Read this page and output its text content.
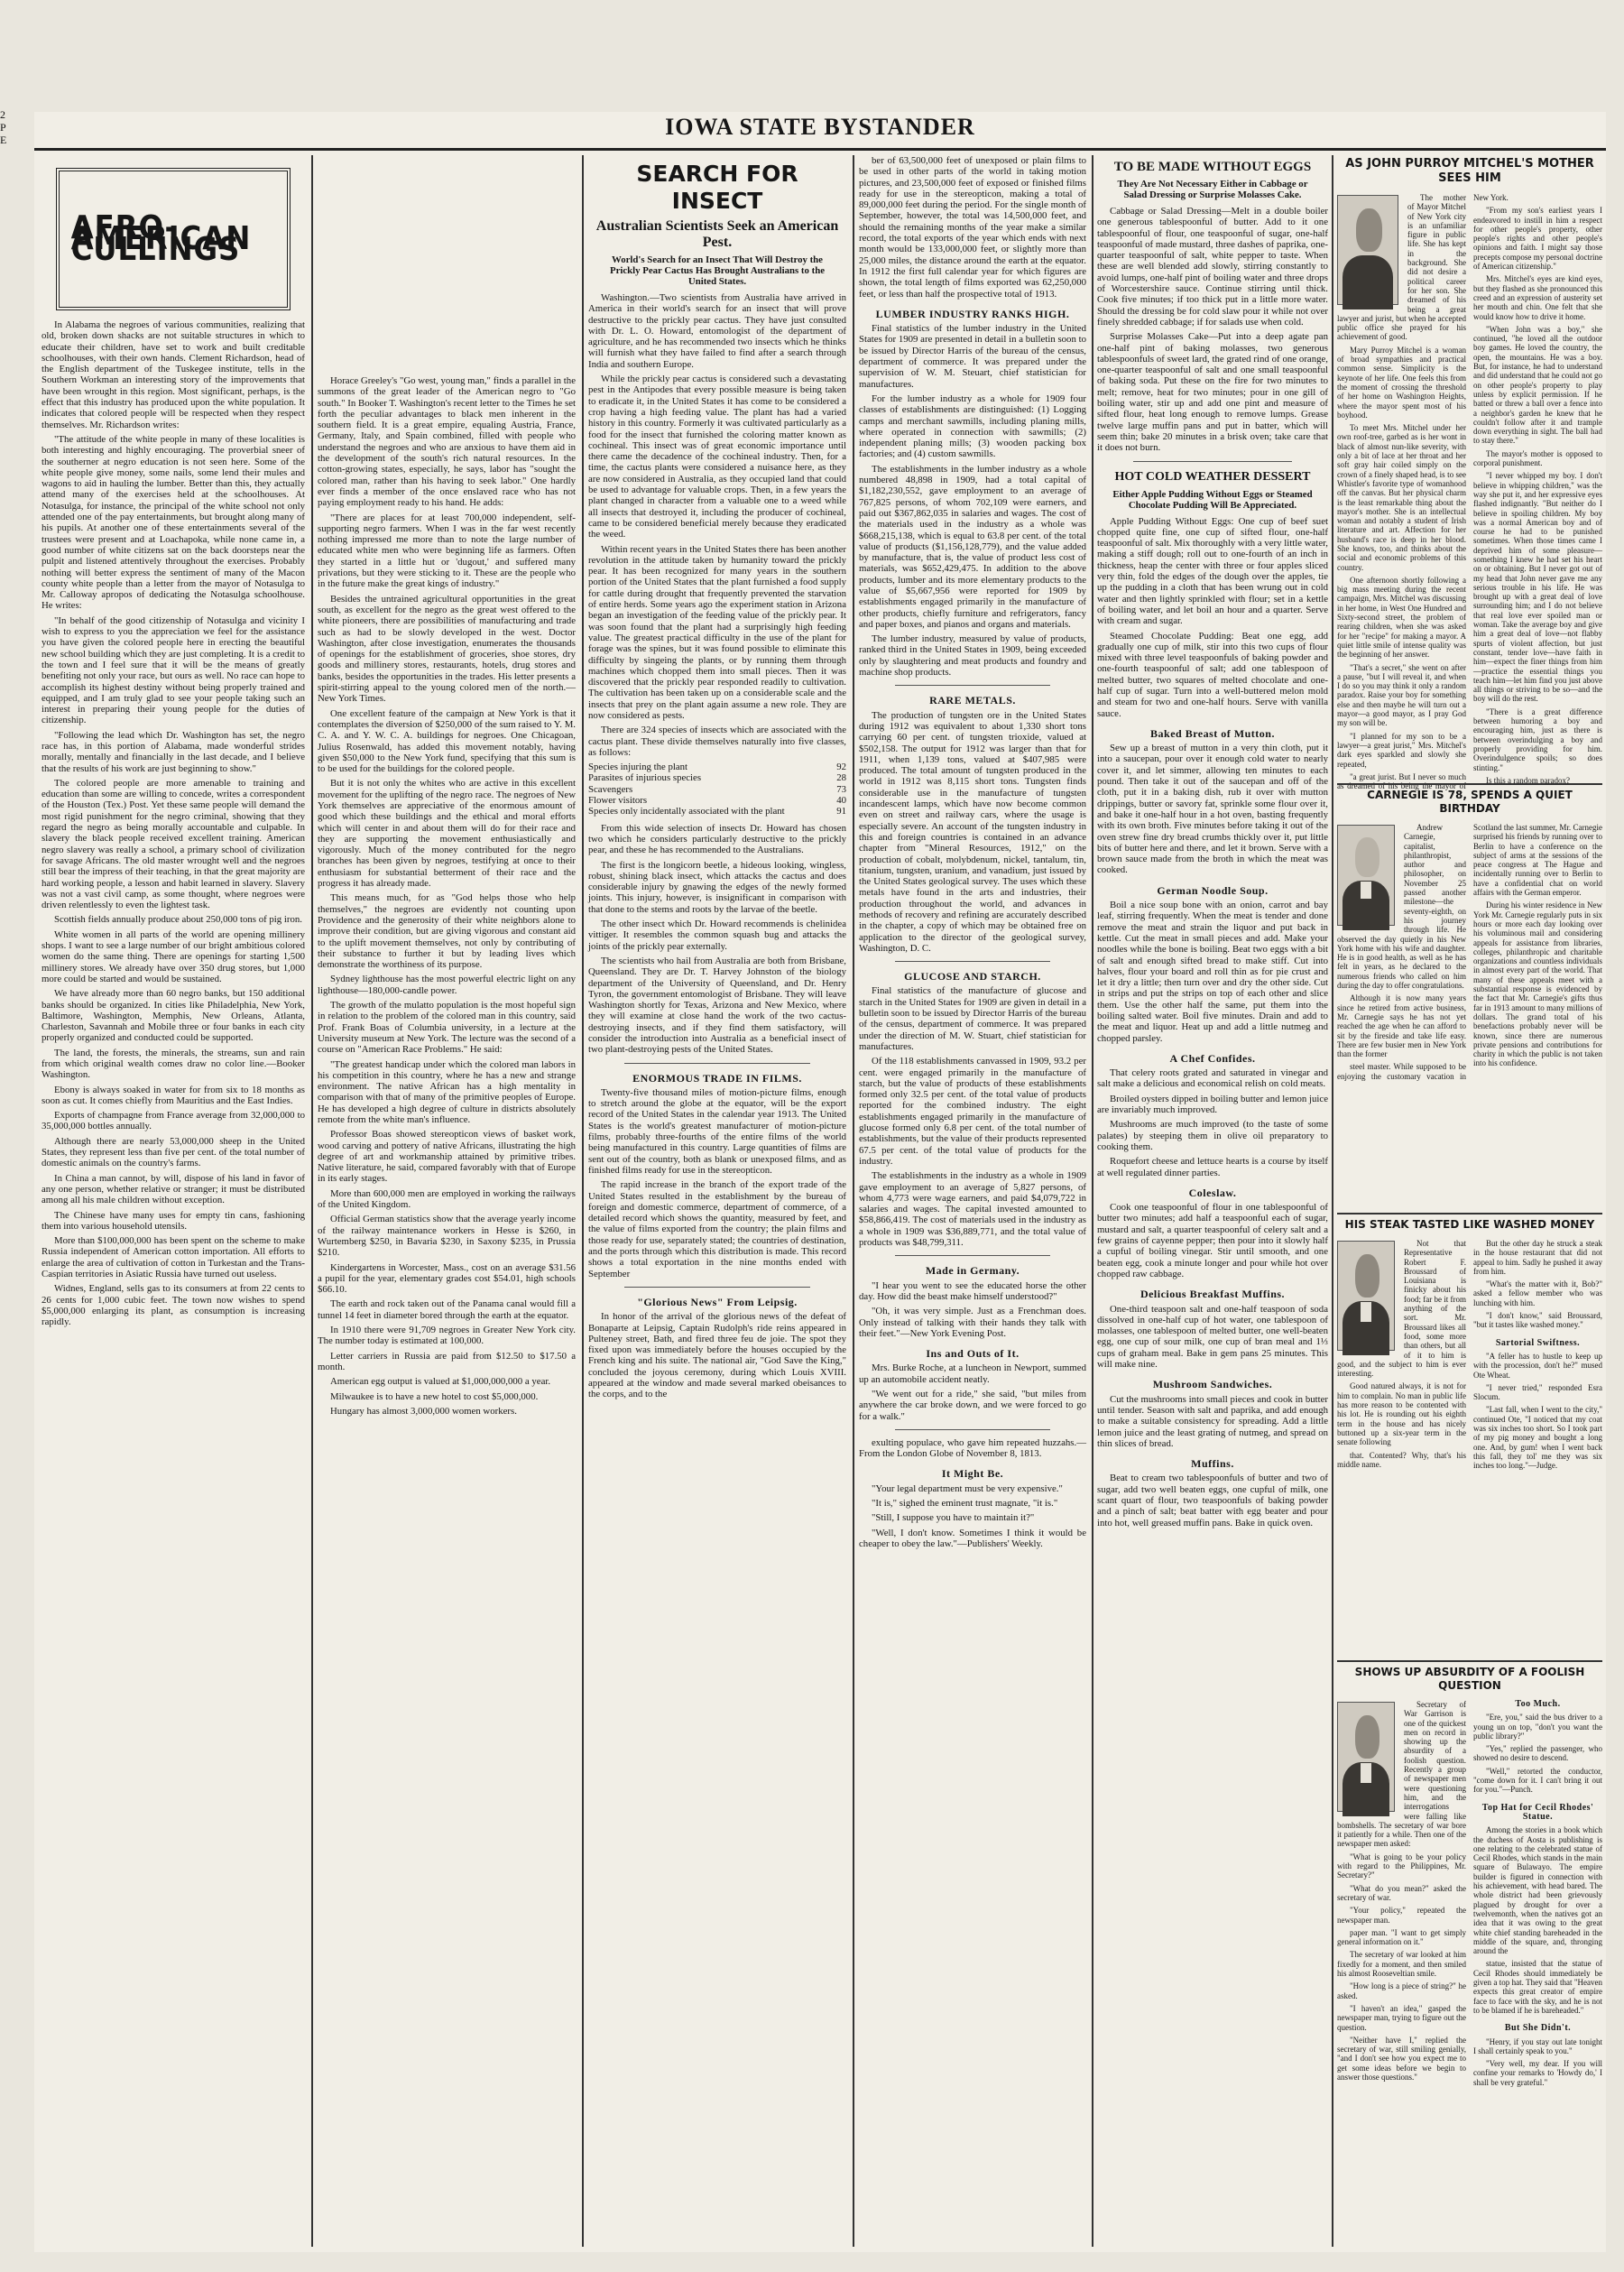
2
P
E	IOWA STATE BYSTANDER
AFRO-AMERICAN CULLINGS

In Alabama the negroes of various communities, realizing that old, broken down shacks are not suitable structures in which to educate their children, have set to work and built creditable schoolhouses, with their own hands. Clement Richardson, head of the English department of the Tuskegee institute, tells in the Southern Workman an interesting story of the improvements that have been wrought in this region. Most significant, perhaps, is the effect that this industry has produced upon the white population. It indicates that colored people will be respected when they respect themselves. Mr. Richardson writes:

"The attitude of the white people in many of these localities is both interesting and highly encouraging. The proverbial sneer of the southerner at negro education is not seen here. Some of the white people give money, some nails, some lend their mules and wagons to aid in hauling the lumber. Better than this, they actually attend many of the exercises held at the schoolhouses. At Notasulga, for instance, the principal of the white school not only attended one of the pay entertainments, but brought along many of his pupils. At another one of these entertainments several of the trustees were present and at Loachapoka, while none came in, a good number of white citizens sat on the back doorsteps near the pulpit and listened attentively throughout the exercises. Probably nothing will better express the sentiment of many of the Macon county white people than a letter from the mayor of Notasulga to Mr. Calloway apropos of dedicating the Notasulga schoolhouse. He writes:

"In behalf of the good citizenship of Notasulga and vicinity I wish to express to you the appreciation we feel for the assistance you have given the colored people here in erecting the beautiful new school building which they are just completing. It is a credit to the town and I feel sure that it will be the means of greatly benefiting not only your race, but ours as well. No race can hope to accomplish its highest destiny without being properly trained and equipped, and I am truly glad to see your people taking such an interest in preparing their young people for the duties of citizenship.

"Following the lead which Dr. Washington has set, the negro race has, in this portion of Alabama, made wonderful strides morally, mentally and financially in the last decade, and I believe that the results of his work are just beginning to show."

The colored people are more amenable to training and education than some are willing to concede, writes a correspondent of the Houston (Tex.) Post. Yet these same people will demand the most rigid punishment for the negro criminal, showing that they regard the negro as being morally accountable and culpable. In slavery the black people received excellent training. American negro slavery was really a school, a primary school of civilization for savage Africans. The old master wrought well and the negroes still bear the impress of their teaching, in that the great majority are hard working people, a lesson and habit learned in slavery. Slavery was not a vast civil camp, as some thought, where negroes were driven relentlessly to even the lightest task.

Scottish fields annually produce about 250,000 tons of pig iron.

White women in all parts of the world are opening millinery shops. I want to see a large number of our bright ambitious colored women do the same thing. There are openings for starting 1,500 millinery stores. We already have over 350 drug stores, but 1,000 more could be started and would be sustained.

We have already more than 60 negro banks, but 150 additional banks should be organized. In cities like Philadelphia, New York, Baltimore, Washington, Memphis, New Orleans, Atlanta, Charleston, Savannah and Mobile three or four banks in each city properly organized and conducted could be supported.

The land, the forests, the minerals, the streams, sun and rain from which original wealth comes draw no color line.—Booker Washington.

Ebony is always soaked in water for from six to 18 months as soon as cut. It comes chiefly from Mauritius and the East Indies.

Exports of champagne from France average from 32,000,000 to 35,000,000 bottles annually.

Although there are nearly 53,000,000 sheep in the United States, they represent less than five per cent. of the total number of domestic animals on the country's farms.

In China a man cannot, by will, dispose of his land in favor of any one person, whether relative or stranger; it must be distributed among all his male children without exception.

The Chinese have many uses for empty tin cans, fashioning them into various household utensils.

More than $100,000,000 has been spent on the scheme to make Russia independent of American cotton importation. All efforts to enlarge the area of cultivation of cotton in Turkestan and the Trans-Caspian territories in Asiatic Russia have turned out useless.

Widnes, England, sells gas to its consumers at from 22 cents to 26 cents for 1,000 cubic feet. The town now wishes to spend $5,000,000 enlarging its plant, as consumption is increasing rapidly.

Horace Greeley's "Go west, young man," finds a parallel in the summons of the great leader of the American negro to "Go south." In Booker T. Washington's recent letter to the Times he set forth the peculiar advantages to black men inherent in the southern field. It is a great empire, equaling Austria, France, Germany, Italy, and Spain combined, filled with people who understand the negroes and who are anxious to have them aid in the development of the south's rich natural resources. In the cotton-growing states, especially, he says, labor has "sought the colored man, rather than his having to seek labor." One hardly ever finds a member of the once enslaved race who has not paying employment ready to his hand. He adds:

"There are places for at least 700,000 independent, self-supporting negro farmers. When I was in the far west recently nothing impressed me more than to note the large number of educated white men who were beginning life as farmers. Often they started in a little hut or 'dugout,' and suffered many privations, but they were sticking to it. These are the people who in the future make the great kings of industry."

Besides the untrained agricultural opportunities in the great south, as excellent for the negro as the great west offered to the white pioneers, there are possibilities of manufacturing and trade such as had to be slowly developed in the west. Doctor Washington, after close investigation, enumerates the thousands of openings for the establishment of groceries, shoe stores, dry goods and millinery stores, restaurants, hotels, drug stores and banks, besides the opportunities in the trades. His letter presents a spirit-stirring appeal to the young colored men of the north.—New York Times.

One excellent feature of the campaign at New York is that it contemplates the diversion of $250,000 of the sum raised to Y. M. C. A. and Y. W. C. A. buildings for negroes. One Chicagoan, Julius Rosenwald, has added this movement notably, having given $50,000 to the New York fund, specifying that this sum is to be used for the buildings for the colored people.

But it is not only the whites who are active in this excellent movement for the uplifting of the negro race. The negroes of New York themselves are appreciative of the enormous amount of good which these buildings and the ethical and moral efforts which will center in and about them will do for their race and they are supporting the movement enthusiastically and vigorously. Much of the money contributed for the negro branches has been given by negroes, testifying at once to their enthusiasm for substantial betterment of their race and the progress it has already made.

This means much, for as "God helps those who help themselves," the negroes are evidently not counting upon Providence and the generosity of their white neighbors alone to improve their condition, but are giving vigorous and constant aid to the uplift movement themselves, not only by contributing of their substance to further it but by leading lives which demonstrate the worthiness of its purpose.

Sydney lighthouse has the most powerful electric light on any lighthouse—180,000-candle power.

The growth of the mulatto population is the most hopeful sign in relation to the problem of the colored man in this country, said Prof. Frank Boas of Columbia university, in a lecture at the University museum at New York. The lecture was the second of a course on "American Race Problems." He said:

"The greatest handicap under which the colored man labors in his competition in this country, where he has a new and strange environment. The native African has a high mentality in comparison with that of many of the primitive peoples of Europe. He has developed a high degree of culture in districts absolutely remote from the white man's influence.

Professor Boas showed stereopticon views of basket work, wood carving and pottery of native Africans, illustrating the high degree of art and workmanship attained by primitive tribes. Native literature, he said, compared favorably with that of Europe in its early stages.

More than 600,000 men are employed in working the railways of the United Kingdom.

Official German statistics show that the average yearly income of the railway maintenance workers in Hesse is $260, in Wurtemberg $250, in Bavaria $230, in Saxony $235, in Prussia $210.

Kindergartens in Worcester, Mass., cost on an average $31.56 a pupil for the year, elementary grades cost $54.01, high schools $66.10.

The earth and rock taken out of the Panama canal would fill a tunnel 14 feet in diameter bored through the earth at the equator.

In 1910 there were 91,709 negroes in Greater New York city. The number today is estimated at 100,000.

Letter carriers in Russia are paid from $12.50 to $17.50 a month.

American egg output is valued at $1,000,000,000 a year.

Milwaukee is to have a new hotel to cost $5,000,000.

Hungary has almost 3,000,000 women workers.

SEARCH FOR INSECT
Australian Scientists Seek an American Pest.
World's Search for an Insect That Will Destroy the Prickly Pear Cactus Has Brought Australians to the United States.

Washington.—Two scientists from Australia have arrived in America in their world's search for an insect that will prove destructive to the prickly pear cactus. They have just consulted with Dr. L. O. Howard, entomologist of the department of agriculture, and he has recommended two insects which he thinks will furnish what they have failed to find after a search through India and southern Europe.

While the prickly pear cactus is considered such a devastating pest in the Antipodes that every possible measure is being taken to eradicate it, in the United States it has come to be considered a crop having a high feeding value. The plant has had a varied history in this country. Formerly it was cultivated particularly as a food for the insect that furnished the coloring matter known as cochineal. This insect was of great economic importance until there came the decadence of the cochineal industry. Then, for a time, the cactus plants were considered a nuisance here, as they are now considered in Australia, as they occupied land that could be used to advantage for valuable crops. Then, in a few years the plant changed in character from a valuable one to a weed while all insects that destroyed it, including the producer of cochineal, came to be considered beneficial merely because they eradicated the weed.

Within recent years in the United States there has been another revolution in the attitude taken by humanity toward the prickly pear. It has been recognized for many years in the southern portion of the United States that the plant furnished a food supply for cattle during drought that frequently prevented the starvation of entire herds. Some years ago the experiment station in Arizona began an investigation of the feeding value of the prickly pear. It was soon found that the plant had a surprisingly high feeding value. The greatest practical difficulty in the use of the plant for forage was the spines, but it was found possible to eliminate this difficulty by singeing the plants, or by running them through machines which chopped them into small pieces. Then it was discovered that the prickly pear responded readily to cultivation. The cultivation has been taken up on a considerable scale and the insects that prey on the plant again assume a new role. They are now considered as pests.

There are 324 species of insects which are associated with the cactus plant. These divide themselves naturally into five classes, as follows:

Species injuring the plant	92
Parasites of injurious species	28
Scavengers	73
Flower visitors	40
Species only incidentally associated with the plant	91

From this wide selection of insects Dr. Howard has chosen two which he considers particularly destructive to the prickly pear, and these he has recommended to the Australians.

The first is the longicorn beetle, a hideous looking, wingless, robust, shining black insect, which attacks the cactus and does considerable injury by gnawing the edges of the newly formed joints. This injury, however, is insignificant in comparison with that done to the stems and roots by the larvae of the beetle.

The other insect which Dr. Howard recommends is chelinidea vittiger. It resembles the common squash bug and attacks the joints of the prickly pear externally.

The scientists who hail from Australia are both from Brisbane, Queensland. They are Dr. T. Harvey Johnston of the biology department of the University of Queensland, and Dr. Henry Tyron, the government entomologist of Brisbane. They will leave Washington shortly for Texas, Arizona and New Mexico, where they will examine at close hand the work of the two cactus-destroying insects, and if they find them satisfactory, will consider the introduction into Australia as a beneficial insect of two plant-destroying pests of the United States.

ENORMOUS TRADE IN FILMS.

Twenty-five thousand miles of motion-picture films, enough to stretch around the globe at the equator, will be the export record of the United States in the calendar year 1913. The United States is the world's greatest manufacturer of motion-picture films, probably three-fourths of the entire films of the world being manufactured in this country. Large quantities of films are sent out of the country, both as blank or unexposed films, and as finished films ready for use in the stereopticon.

The rapid increase in the branch of the export trade of the United States resulted in the establishment by the bureau of foreign and domestic commerce, department of commerce, of a detailed record which shows the quantity, measured by feet, and the value of films exported from the country; the plain films and those ready for use, separately stated; the countries of destination, and the ports through which this distribution is made. This record shows a total exportation in the nine months ended with September

"Glorious News" From Leipsig.

In honor of the arrival of the glorious news of the defeat of Bonaparte at Leipsig, Captain Rudolph's ride reins appeared in Pulteney street, Bath, and fired three feu de joie. The spot they fixed upon was immediately before the houses occupied by the French king and his suite. The national air, "God Save the King," concluded the joyous ceremony, during which Louis XVIII. appeared at the window and made several marked obeisances to the corps, and to the

ber of 63,500,000 feet of unexposed or plain films to be used in other parts of the world in taking motion pictures, and 23,500,000 feet of exposed or finished films ready for use in the stereopticon, making a total of 89,000,000 feet during the period. For the single month of September, however, the total was 14,500,000 feet, and should the remaining months of the year make a similar record, the total exports of the year which ends with next month would be 133,000,000 feet, or slightly more than 25,000 miles, the distance around the earth at the equator. In 1912 the first full calendar year for which figures are shown, the total length of films exported was 62,250,000 feet, or less than half the prospective total of 1913.

LUMBER INDUSTRY RANKS HIGH.

Final statistics of the lumber industry in the United States for 1909 are presented in detail in a bulletin soon to be issued by Director Harris of the bureau of the census, department of commerce. It was prepared under the supervision of W. M. Steuart, chief statistician for manufactures.

For the lumber industry as a whole for 1909 four classes of establishments are distinguished: (1) Logging camps and merchant sawmills, including planing mills, where operated in connection with sawmills; (2) independent planing mills; (3) wooden packing box factories; and (4) custom sawmills.

The establishments in the lumber industry as a whole numbered 48,898 in 1909, had a total capital of $1,182,230,552, gave employment to an average of 767,825 persons, of whom 702,109 were earners, and paid out $367,862,035 in salaries and wages. The cost of the materials used in the industry as a whole was $668,215,138, which is equal to 63.8 per cent. of the total value of products ($1,156,128,779), and the value added by manufacture, that is, the value of product less cost of materials, was $652,429,475. In addition to the above products, lumber and its more elementary products to the value of $5,667,956 were reported for 1909 by establishments engaged primarily in the manufacture of other products, chiefly furniture and refrigerators, fancy and paper boxes, and pianos and organs and materials.

The lumber industry, measured by value of products, ranked third in the United States in 1909, being exceeded only by slaughtering and meat products and foundry and machine shop products.

RARE METALS.

The production of tungsten ore in the United States during 1912 was equivalent to about 1,330 short tons carrying 60 per cent. of tungsten trioxide, valued at $502,158. The output for 1912 was larger than that for 1911, when 1,139 tons, valued at $407,985 were produced. The total amount of tungsten produced in the world in 1912 was 8,115 short tons. Tungsten finds considerable use in the manufacture of tungsten incandescent lamps, which have now become common even on street and railway cars, where the usage is especially severe. An account of the tungsten industry in this and foreign countries is contained in an advance chapter from "Mineral Resources, 1912," on the production of cobalt, molybdenum, nickel, tantalum, tin, titanium, tungsten, uranium, and vanadium, just issued by the United States geological survey. The uses which these metals have found in the arts and industries, their production throughout the world, and advances in methods of recovery and refining are accurately described in the chapter, a copy of which may be obtained free on application to the director of the geological survey, Washington, D. C.

GLUCOSE AND STARCH.

Final statistics of the manufacture of glucose and starch in the United States for 1909 are given in detail in a bulletin soon to be issued by Director Harris of the bureau of the census, department of commerce. It was prepared under the direction of M. W. Stuart, chief statistician for manufactures.

Of the 118 establishments canvassed in 1909, 93.2 per cent. were engaged primarily in the manufacture of starch, but the value of products of these establishments formed only 32.5 per cent. of the total value of products reported for the combined industry. The eight establishments engaged primarily in the manufacture of glucose formed only 6.8 per cent. of the total number of establishments, but the value of their products represented 67.5 per cent. of the total value of products for the industry.

The establishments in the industry as a whole in 1909 gave employment to an average of 5,827 persons, of whom 4,773 were wage earners, and paid $4,079,722 in salaries and wages. The capital invested amounted to $58,866,419. The cost of materials used in the industry as a whole in 1909 was $36,889,771, and the total value of products was $48,799,311.

Made in Germany.

"I hear you went to see the educated horse the other day. How did the beast make himself understood?"

"Oh, it was very simple. Just as a Frenchman does. Only instead of talking with their hands they talk with their feet."—New York Evening Post.

Ins and Outs of It.

Mrs. Burke Roche, at a luncheon in Newport, summed up an automobile accident neatly.

"We went out for a ride," she said, "but miles from anywhere the car broke down, and we were forced to go for a walk."

exulting populace, who gave him repeated huzzahs.—From the London Globe of November 8, 1813.

It Might Be.

"Your legal department must be very expensive."

"It is," sighed the eminent trust magnate, "it is."

"Still, I suppose you have to maintain it?"

"Well, I don't know. Sometimes I think it would be cheaper to obey the law."—Publishers' Weekly.

TO BE MADE WITHOUT EGGS
They Are Not Necessary Either in Cabbage or Salad Dressing or Surprise Molasses Cake.

Cabbage or Salad Dressing—Melt in a double boiler one generous tablespoonful of butter. Add to it one tablespoonful of flour, one teaspoonful of sugar, one-half teaspoonful of made mustard, three dashes of paprika, one-quarter teaspoonful of salt, white pepper to taste. When these are well blended add slowly, stirring constantly to avoid lumps, one-half pint of boiling water and three drops of Worcestershire sauce. Continue stirring until thick. Cook five minutes; if too thick put in a little more water. Should the dressing be for cold slaw pour it while not over finely shredded cabbage; if for salads use when cold.

Surprise Molasses Cake—Put into a deep agate pan one-half pint of baking molasses, two generous tablespoonfuls of sweet lard, the grated rind of one orange, one-quarter teaspoonful of salt and one small teaspoonful of baking soda. Put these on the fire for two minutes to melt; remove, heat for two minutes; pour in one gill of boiling water, stir up and add one pint and measure of sifted flour, heat long enough to remove lumps. Grease twelve large muffin pans and put in batter, which will seem thin; bake 20 minutes in a brisk oven; take care that it does not burn.

HOT COLD WEATHER DESSERT
Either Apple Pudding Without Eggs or Steamed Chocolate Pudding Will Be Appreciated.

Apple Pudding Without Eggs: One cup of beef suet chopped quite fine, one cup of sifted flour, one-half teaspoonful of salt. Mix thoroughly with a very little water, making a stiff dough; roll out to one-fourth of an inch in thickness, heap the center with three or four apples sliced very thin, fold the edges of the dough over the apples, tie up the pudding in a cloth that has been wrung out in cold water and then lightly sprinkled with flour; set in a kettle of boiling water, and let boil an hour and a quarter. Serve with cream and sugar.

Steamed Chocolate Pudding: Beat one egg, add gradually one cup of milk, stir into this two cups of flour mixed with three level teaspoonfuls of baking powder and one-fourth teaspoonful of salt; add one tablespoon of melted butter, two squares of melted chocolate and one-half cup of sugar. Turn into a well-buttered melon mold and steam for two and one-half hours. Serve with vanilla sauce.

Baked Breast of Mutton.

Sew up a breast of mutton in a very thin cloth, put it into a saucepan, pour over it enough cold water to nearly cover it, and let simmer, allowing ten minutes to each pound. Then take it out of the saucepan and off of the cloth, put it in a baking dish, rub it over with mutton drippings, butter or savory fat, sprinkle some flour over it, and bake it one-half hour in a hot oven, basting frequently with its own broth. Five minutes before taking it out of the oven strew fine dry bread crumbs thickly over it, put little bits of butter here and there, and let it brown. Serve with a brown sauce made from the broth in which the meat was cooked.

German Noodle Soup.

Boil a nice soup bone with an onion, carrot and bay leaf, stirring frequently. When the meat is tender and done remove the meat and strain the liquor and put back in kettle. Cut the meat in small pieces and add. Make your noodles while the bone is boiling. Beat two eggs with a bit of salt and enough sifted bread to make stiff. Cut into halves, flour your board and roll thin as for pie crust and let it dry a little; then turn over and dry the other side. Cut in strips and put the strips on top of each other and slice them. Use the other half the same, put them into the boiling salted water. Boil five minutes. Drain and add to the meat and liquor. Heat up and add a little nutmeg and chopped parsley.

A Chef Confides.

That celery roots grated and saturated in vinegar and salt make a delicious and economical relish on cold meats.

Broiled oysters dipped in boiling butter and lemon juice are invariably much improved.

Mushrooms are much improved (to the taste of some palates) by steeping them in olive oil preparatory to cooking them.

Roquefort cheese and lettuce hearts is a course by itself at well regulated dinner parties.

Coleslaw.

Cook one teaspoonful of flour in one tablespoonful of butter two minutes; add half a teaspoonful each of sugar, mustard and salt, a quarter teaspoonful of celery salt and a few grains of cayenne pepper; then pour into it slowly half a cupful of boiling vinegar. Stir until smooth, and one beaten egg, cook a minute longer and pour while hot over chopped raw cabbage.

Delicious Breakfast Muffins.

One-third teaspoon salt and one-half teaspoon of soda dissolved in one-half cup of hot water, one tablespoon of molasses, one tablespoon of melted butter, one well-beaten egg, one cup of sour milk, one cup of bran meal and 1⅓ cups of graham meal. Bake in gem pans 25 minutes. This will make nine.

Mushroom Sandwiches.

Cut the mushrooms into small pieces and cook in butter until tender. Season with salt and paprika, and add enough to make a suitable consistency for spreading. Add a little lemon juice and the least grating of nutmeg, and spread on thin slices of bread.

Muffins.

Beat to cream two tablespoonfuls of butter and two of sugar, add two well beaten eggs, one cupful of milk, one scant quart of flour, two teaspoonfuls of baking powder and a pinch of salt; beat batter with egg beater and pour into hot, well greased muffin pans. Bake in quick oven.

AS JOHN PURROY MITCHEL'S MOTHER SEES HIM

The mother of Mayor Mitchel of New York city is an unfamiliar figure in public life. She has kept in the background. She did not desire a political career for her son. She dreamed of his being a great lawyer and jurist, but when he accepted public office she prayed for his achievement of good.

Mary Purroy Mitchel is a woman of broad sympathies and practical common sense. Simplicity is the keynote of her life. One feels this from the moment of crossing the threshold of her home on Washington Heights, where the mayor spent most of his boyhood.

To meet Mrs. Mitchel under her own roof-tree, garbed as is her wont in black of almost nun-like severity, with only a bit of lace at her throat and her soft gray hair coiled simply on the crown of a finely shaped head, is to see Whistler's favorite type of womanhood off the canvas. But her physical charm is the least remarkable thing about the mayor's mother. She is an intellectual woman and notably a student of Irish literature and art. Affection for her husband's race is deep in her blood. She knows, too, and thinks about the social and economic problems of this country.

One afternoon shortly following a big mass meeting during the recent campaign, Mrs. Mitchel was discussing in her home, in West One Hundred and Sixty-second street, the problem of rearing children, when she was asked for her "recipe" for making a mayor. A quiet little smile of intense quality was the beginning of her answer.

"That's a secret," she went on after a pause, "but I will reveal it, and when I do so you may think it only a random paradox. Raise your boy for something else and then maybe he will turn out a mayor—a good mayor, as I pray God my son will be.

"I planned for my son to be a lawyer—a great jurist," Mrs. Mitchel's dark eyes sparkled and slowly she repeated,

"a great jurist. But I never so much as dreamed of his being the mayor of New York.

"From my son's earliest years I endeavored to instill in him a respect for other people's property, other people's rights and other people's opinions and faith. I might say those precepts compose my personal doctrine of American citizenship."

Mrs. Mitchel's eyes are kind eyes, but they flashed as she pronounced this creed and an expression of austerity set her mouth and chin. One felt that she would know how to drive it home.

"When John was a boy," she continued, "he loved all the outdoor boy games. He loved the country, the open, the mountains. He was a boy. But, for instance, he had to understand and did understand that he could not go on other people's property to play unless by explicit permission. If he batted or threw a ball over a fence into a neighbor's garden he knew that he couldn't follow after it and trample down everything in sight. The ball had to stay there."

The mayor's mother is opposed to corporal punishment.

"I never whipped my boy. I don't believe in whipping children," was the way she put it, and her expressive eyes flashed indignantly. "But neither do I believe in spoiling children. My boy was a normal American boy and of course he had to be punished sometimes. When those times came I deprived him of some pleasure—something I knew he had set his heart on or obtaining. But I never got out of my head that John never gave me any serious trouble in his life. He was brought up with a great deal of love surrounding him; and I do not believe that real love ever spoiled man or woman. Take the average boy and give him a great deal of love—not flabby spurts of violent affection, but just constant, tender love—have faith in him—expect the finer things from him—practice the essential things you teach him—let him find you just above all things or striving to be so—and the boy will do the rest.

"There is a great difference between humoring a boy and encouraging him, just as there is between overindulging a boy and properly providing for him. Overindulgence spoils; so does stinting."

Is this a random paradox?

CARNEGIE IS 78, SPENDS A QUIET BIRTHDAY

Andrew Carnegie, capitalist, philanthropist, author and philosopher, on November 25 passed another milestone—the seventy-eighth, on his journey through life. He observed the day quietly in his New York home with his wife and daughter. He is in good health, as well as he has felt in years, as he declared to the numerous friends who called on him during the day to offer congratulations.

Although it is now many years since he retired from active business, Mr. Carnegie says he has not yet reached the age when he can afford to sit by the fireside and take life easy. There are few busier men in New York than the former

steel master. While supposed to be enjoying the customary vacation in Scotland the last summer, Mr. Carnegie surprised his friends by running over to Berlin to have a conference on the subject of arms at the sessions of the peace congress at The Hague and incidentally running over to Berlin to have a confidential chat on world affairs with the German emperor.

During his winter residence in New York Mr. Carnegie regularly puts in six hours or more each day looking over his voluminous mail and considering appeals for assistance from libraries, colleges, philanthropic and charitable organizations and countless individuals in almost every part of the world. That many of these appeals meet with a substantial response is evidenced by the fact that Mr. Carnegie's gifts thus far in 1913 amount to many millions of dollars. The grand total of his benefactions probably never will be known, since there are numerous private pensions and contributions for charity in which the public is not taken into his confidence.

HIS STEAK TASTED LIKE WASHED MONEY

Not that Representative Robert F. Broussard of Louisiana is finicky about his food; far be it from anything of the sort. Mr. Broussard likes all food, some more than others, but all of it to him is good, and the subject to him is ever interesting.

Good natured always, it is not for him to complain. No man in public life has more reason to be contented with his lot. He is rounding out his eighth term in the house and has nicely buttoned up a six-year term in the senate following

that. Contented? Why, that's his middle name.

But the other day he struck a steak in the house restaurant that did not appeal to him. Sadly he pushed it away from him.

"What's the matter with it, Bob?" asked a fellow member who was lunching with him.

"I don't know," said Broussard, "but it tastes like washed money."

Sartorial Swiftness.

"A feller has to hustle to keep up with the procession, don't he?" mused Ote Wheat.

"I never tried," responded Esra Slocum.

"Last fall, when I went to the city," continued Ote, "I noticed that my coat was six inches too short. So I took part of my pig money and bought a long one. And, by gum! when I went back this fall, they tol' me they was six inches too long."—Judge.

SHOWS UP ABSURDITY OF A FOOLISH QUESTION

Secretary of War Garrison is one of the quickest men on record in showing up the absurdity of a foolish question. Recently a group of newspaper men were questioning him, and the interrogations were falling like bombshells. The secretary of war bore it patiently for a while. Then one of the newspaper men asked:

"What is going to be your policy with regard to the Philippines, Mr. Secretary?"

"What do you mean?" asked the secretary of war.

"Your policy," repeated the newspaper man.

paper man. "I want to get simply general information on it."

The secretary of war looked at him fixedly for a moment, and then smiled his almost Rooseveltian smile.

"How long is a piece of string?" he asked.

"I haven't an idea," gasped the newspaper man, trying to figure out the question.

"Neither have I," replied the secretary of war, still smiling genially, "and I don't see how you expect me to get some ideas before we begin to answer those questions."

Too Much.

"Ere, you," said the bus driver to a young un on top, "don't you want the public library?"

"Yes," replied the passenger, who showed no desire to descend.

"Well," retorted the conductor, "come down for it. I can't bring it out for you."—Punch.

Top Hat for Cecil Rhodes' Statue.

Among the stories in a book which the duchess of Aosta is publishing is one relating to the celebrated statue of Cecil Rhodes, which stands in the main square of Bulawayo. The empire builder is figured in connection with his achievement, with head bared. The whole district had been grievously plagued by drought for over a twelvemonth, when the natives got an idea that it was owing to the great white chief standing bareheaded in the middle of the square, and, thronging around the

statue, insisted that the statue of Cecil Rhodes should immediately be given a top hat. They said that "Heaven expects this great creator of empire face to face with the sky, and he is not to be blamed if he is bareheaded."

But She Didn't.

"Henry, if you stay out late tonight I shall certainly speak to you."

"Very well, my dear. If you will confine your remarks to 'Howdy do,' I shall be very grateful."
